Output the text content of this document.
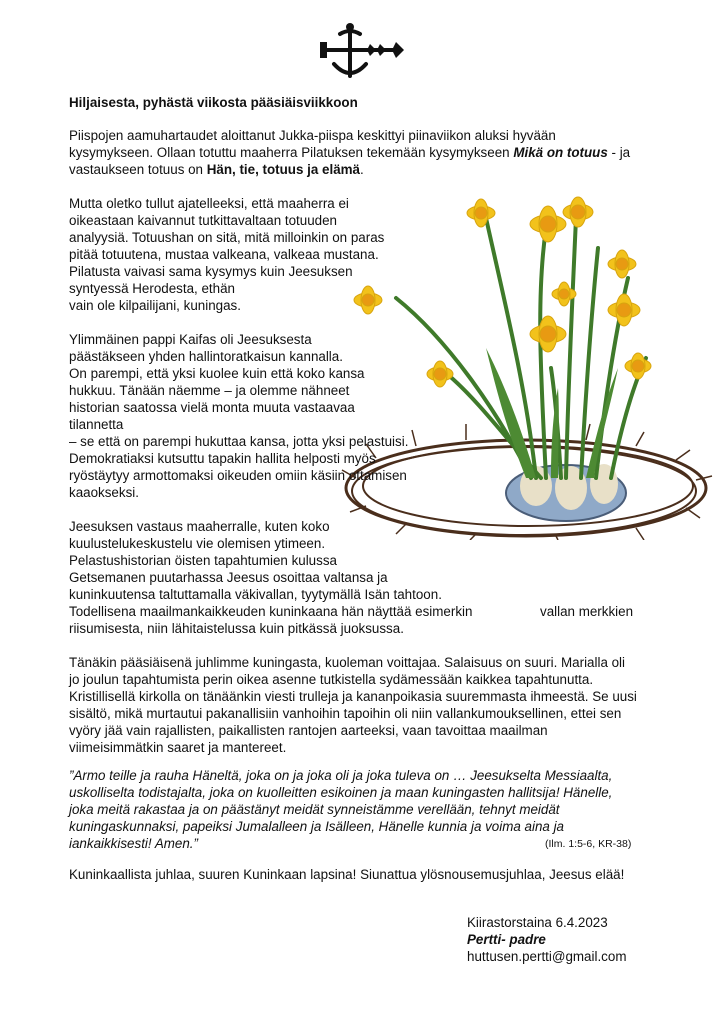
Hiljaisesta, pyhästä viikosta pääsiäisviikkoon
Piispojen aamuhartaudet aloittanut Jukka-piispa keskittyi piinaviikon aluksi hyvään
kysymykseen. Ollaan totuttu maaherra Pilatuksen tekemään kysymykseen Mikä on totuus - ja
vastaukseen totuus on Hän, tie, totuus ja elämä.
Mutta oletko tullut ajatelleeksi, että maaherra ei
oikeastaan kaivannut tutkittavaltaan totuuden
analyysiä. Totuushan on sitä, mitä milloinkin on paras
pitää totuutena, mustaa valkeana, valkeaa mustana.
Pilatusta vaivasi sama kysymys kuin Jeesuksen
syntyessä Herodesta, ethän
vain ole kilpailijani, kuningas.
Ylimmäinen pappi Kaifas oli Jeesuksesta
päästäkseen yhden hallintoratkaisun kannalla.
On parempi, että yksi kuolee kuin että koko kansa
hukkuu. Tänään näemme – ja olemme nähneet
historian saatossa vielä monta muuta vastaavaa
tilannetta
– se että on parempi hukuttaa kansa, jotta yksi pelastuisi.
Demokratiaksi kutsuttu tapakin hallita helposti myös
ryöstäytyy armottomaksi oikeuden omiin käsiin ottamisen
kaaokseksi.
Jeesuksen vastaus maaherralle, kuten koko
kuulustelukeskustelu vie olemisen ytimeen.
Pelastushistorian öisten tapahtumien kulussa
Getsemanen puutarhassa Jeesus osoittaa valtansa ja
kuninkuutensa taltuttamalla väkivallan, tyytymällä Isän tahtoon.
Todellisena maailmankaikkeuden kuninkaana hän näyttää esimerkin	vallan merkkien
riisumisesta, niin lähitaistelussa kuin pitkässä juoksussa.
Tänäkin pääsiäisenä juhlimme kuningasta, kuoleman voittajaa. Salaisuus on suuri. Marialla oli
jo joulun tapahtumista perin oikea asenne tutkistella sydämessään kaikkea tapahtunutta.
Kristillisellä kirkolla on tänäänkin viesti trulleja ja kananpoikasia suuremmasta ihmeestä. Se uusi
sisältö, mikä murtautui pakanallisiin vanhoihin tapoihin oli niin vallankumouksellinen, ettei sen
vyöry jää vain rajallisten, paikallisten rantojen aarteeksi, vaan tavoittaa maailman
viimeisimmätkin saaret ja mantereet.
”Armo teille ja rauha Häneltä, joka on ja joka oli ja joka tuleva on … Jeesukselta Messiaalta,
uskolliselta todistajalta, joka on kuolleitten esikoinen ja maan kuningasten hallitsija! Hänelle,
joka meitä rakastaa ja on päästänyt meidät synneistämme verellään, tehnyt meidät
kuningaskunnaksi, papeiksi Jumalalleen ja Isälleen, Hänelle kunnia ja voima aina ja
iankaikkisesti! Amen.”	(Ilm. 1:5-6, KR-38)
Kuninkaallista juhlaa, suuren Kuninkaan lapsina! Siunattua ylösnousemusjuhlaa, Jeesus elää!
Kiirastorstaina 6.4.2023
Pertti- padre
huttusen.pertti@gmail.com
